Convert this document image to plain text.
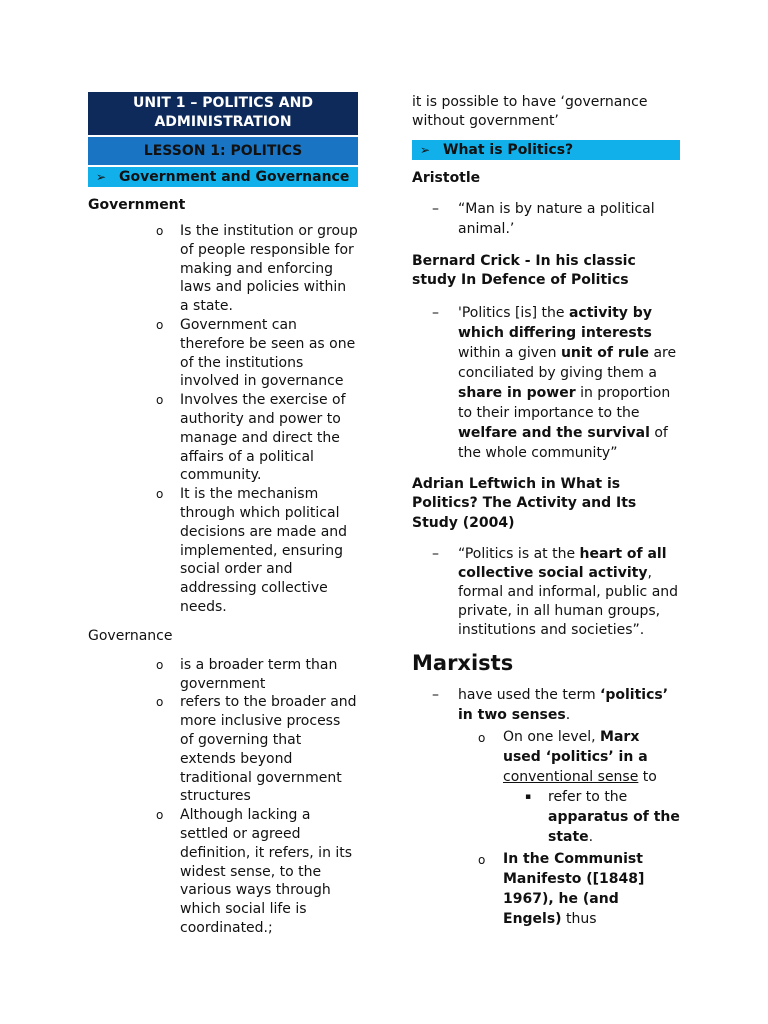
UNIT 1 – POLITICS AND ADMINISTRATION
LESSON 1: POLITICS
➢ Government and Governance
Government
o Is the institution or group of people responsible for making and enforcing laws and policies within a state.
o Government can therefore be seen as one of the institutions involved in governance
o Involves the exercise of authority and power to manage and direct the affairs of a political community.
o It is the mechanism through which political decisions are made and implemented, ensuring social order and addressing collective needs.
Governance
o is a broader term than government
o refers to the broader and more inclusive process of governing that extends beyond traditional government structures
o Although lacking a settled or agreed definition, it refers, in its widest sense, to the various ways through which social life is coordinated.;
it is possible to have ‘governance without government’
➢ What is Politics?
Aristotle
– “Man is by nature a political animal.’
Bernard Crick - In his classic study In Defence of Politics
– 'Politics [is] the activity by which differing interests within a given unit of rule are conciliated by giving them a share in power in proportion to their importance to the welfare and the survival of the whole community”
Adrian Leftwich in What is Politics? The Activity and Its Study (2004)
– “Politics is at the heart of all collective social activity, formal and informal, public and private, in all human groups, institutions and societies”.
Marxists
– have used the term ‘politics’ in two senses.
o On one level, Marx used ‘politics’ in a conventional sense to
▪ refer to the apparatus of the state.
o In the Communist Manifesto ([1848] 1967), he (and Engels) thus
